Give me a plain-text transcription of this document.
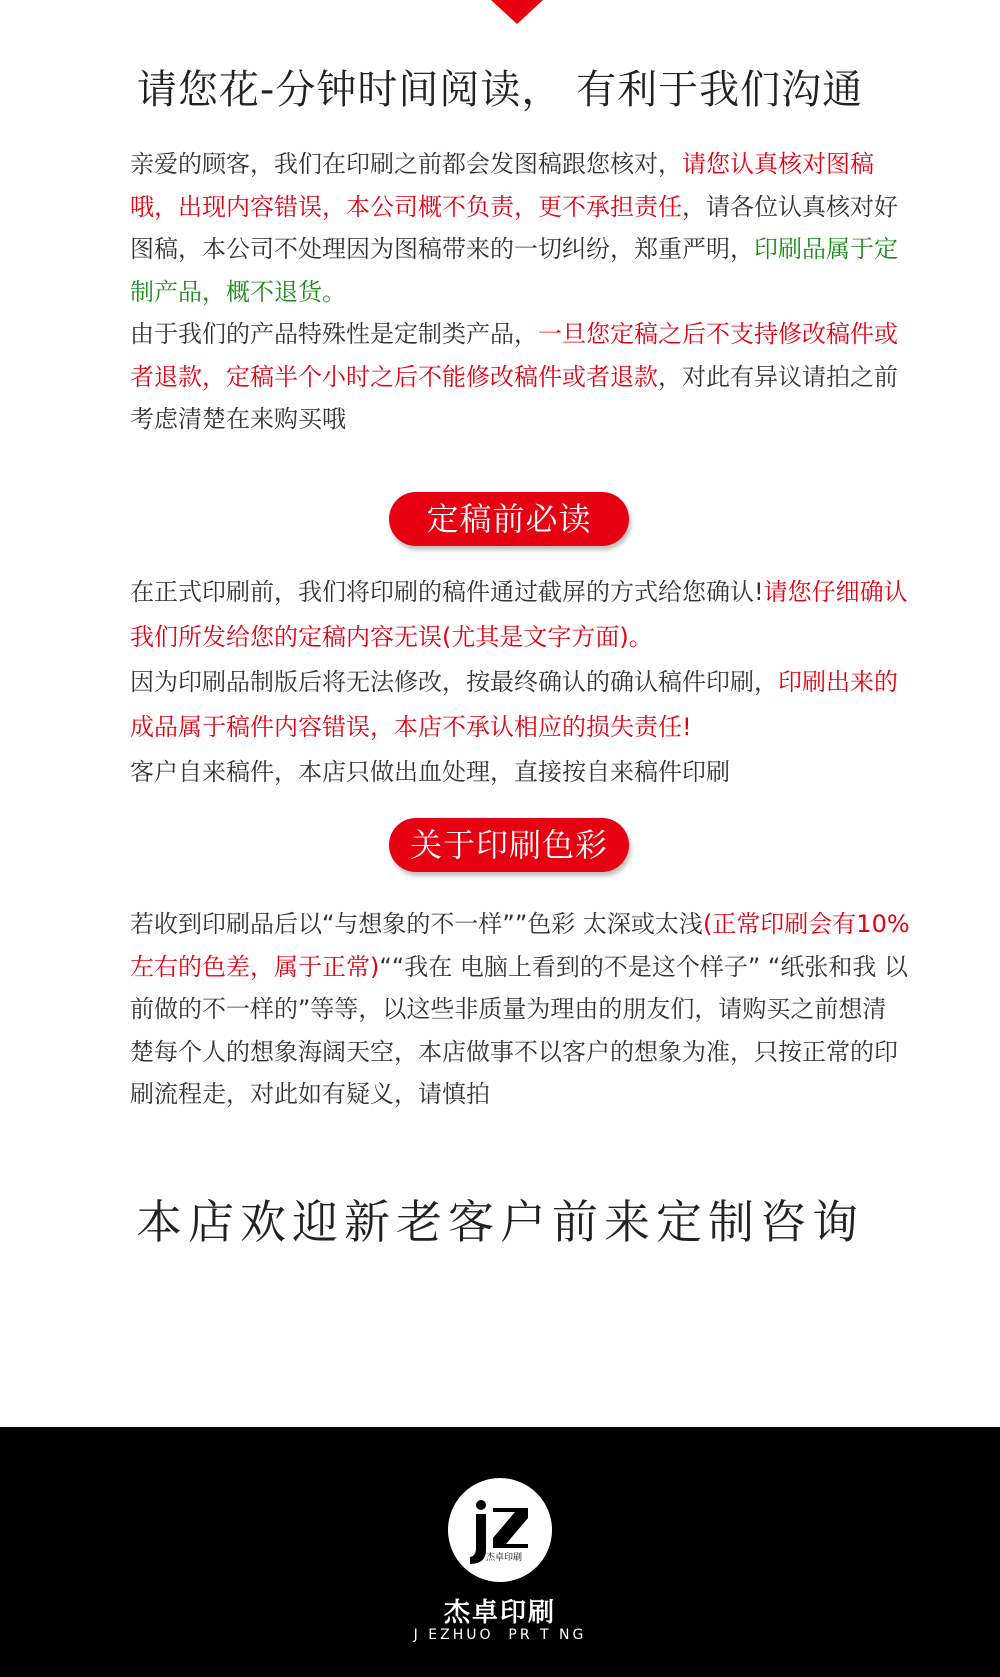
请您花-分钟时间阅读， 有利于我们沟通

亲爱的顾客，我们在印刷之前都会发图稿跟您核对，请您认真核对图稿哦，出现内容错误，本公司概不负责，更不承担责任，请各位认真核对好图稿，本公司不处理因为图稿带来的一切纠纷，郑重严明，印刷品属于定制产品，概不退货。
由于我们的产品特殊性是定制类产品，一旦您定稿之后不支持修改稿件或者退款，定稿半个小时之后不能修改稿件或者退款，对此有异议请拍之前考虑清楚在来购买哦

定稿前必读

在正式印刷前，我们将印刷的稿件通过截屏的方式给您确认!请您仔细确认我们所发给您的定稿内容无误(尤其是文字方面)。
因为印刷品制版后将无法修改，按最终确认的确认稿件印刷，印刷出来的成品属于稿件内容错误，本店不承认相应的损失责任!
客户自来稿件，本店只做出血处理，直接按自来稿件印刷

关于印刷色彩

若收到印刷品后以“与想象的不一样””色彩 太深或太浅(正常印刷会有10%左右的色差，属于正常)““我在 电脑上看到的不是这个样子” “纸张和我 以前做的不一样的”等等，以这些非质量为理由的朋友们，请购买之前想清楚每个人的想象海阔天空，本店做事不以客户的想象为准，只按正常的印刷流程走，对此如有疑义，请慎拍

本店欢迎新老客户前来定制咨询
杰卓印刷
杰卓印刷
J EZHUO  PR T NG
